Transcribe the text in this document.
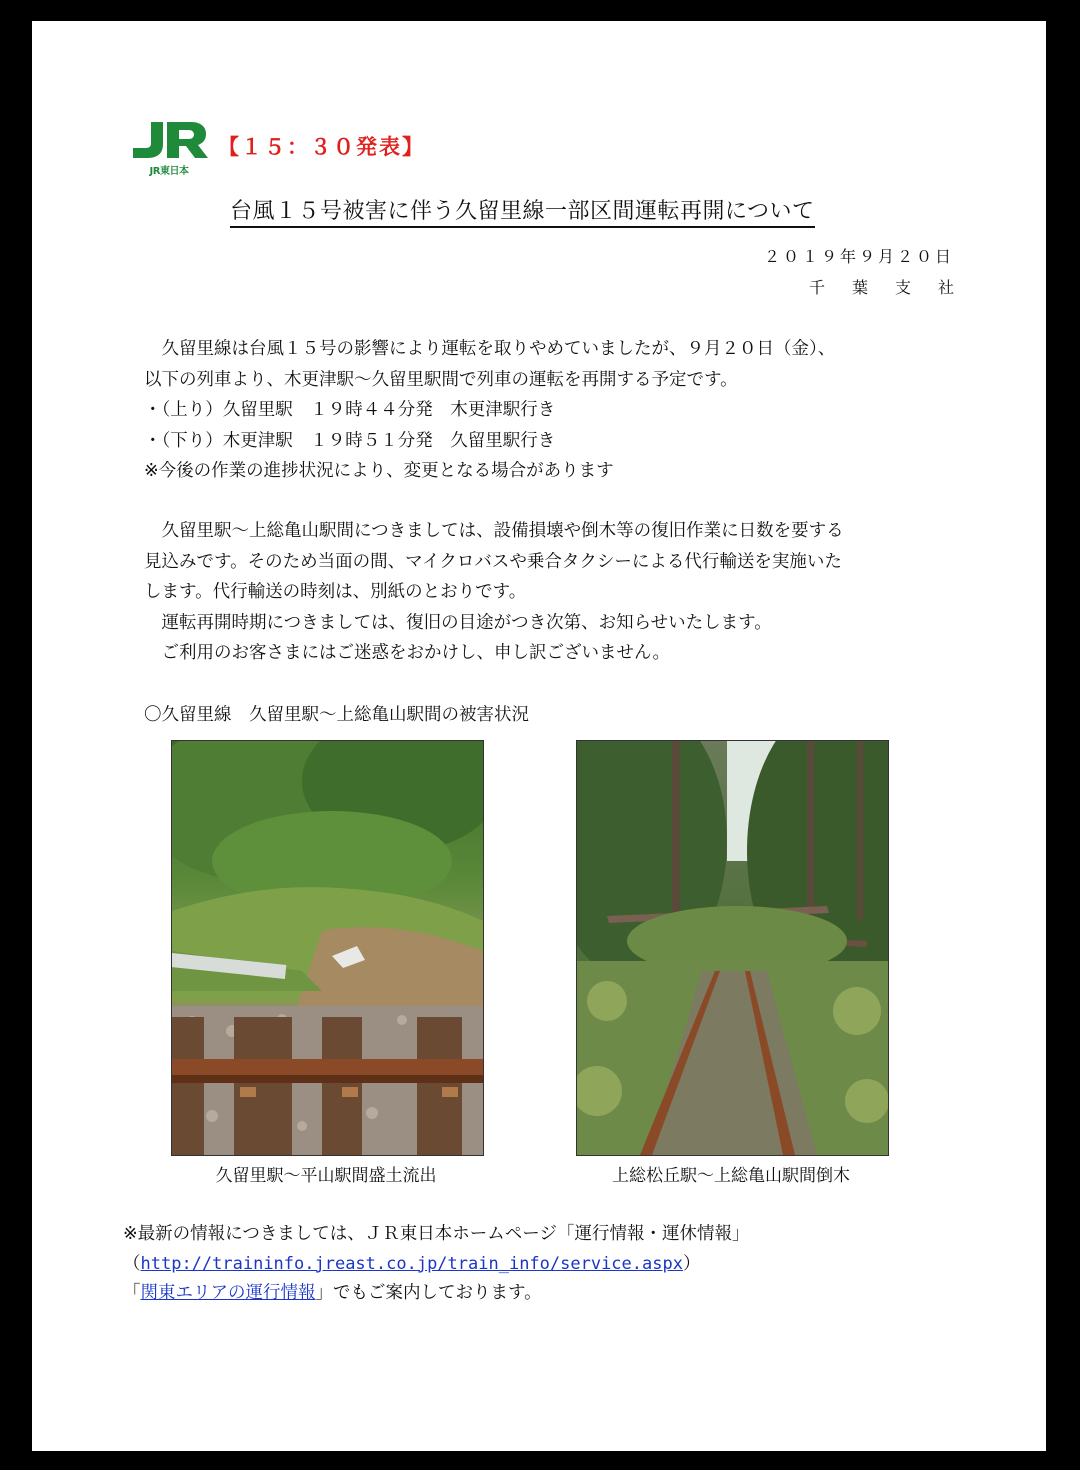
JR東日本
【１５：３０発表】
台風１５号被害に伴う久留里線一部区間運転再開について
２０１９年９月２０日
千葉支社

久留里線は台風１５号の影響により運転を取りやめていましたが、９月２０日（金）、

以下の列車より、木更津駅～久留里駅間で列車の運転を再開する予定です。

・（上り）久留里駅　１９時４４分発　木更津駅行き

・（下り）木更津駅　１９時５１分発　久留里駅行き

※今後の作業の進捗状況により、変更となる場合があります

久留里駅～上総亀山駅間につきましては、設備損壊や倒木等の復旧作業に日数を要する

見込みです。そのため当面の間、マイクロバスや乗合タクシーによる代行輸送を実施いた

します。代行輸送の時刻は、別紙のとおりです。

運転再開時期につきましては、復旧の目途がつき次第、お知らせいたします。

ご利用のお客さまにはご迷惑をおかけし、申し訳ございません。

〇久留里線　久留里駅～上総亀山駅間の被害状況
久留里駅～平山駅間盛土流出	上総松丘駅～上総亀山駅間倒木

※最新の情報につきましては、ＪＲ東日本ホームページ「運行情報・運休情報」

（http://traininfo.jreast.co.jp/train_info/service.aspx）

「関東エリアの運行情報」でもご案内しております。
